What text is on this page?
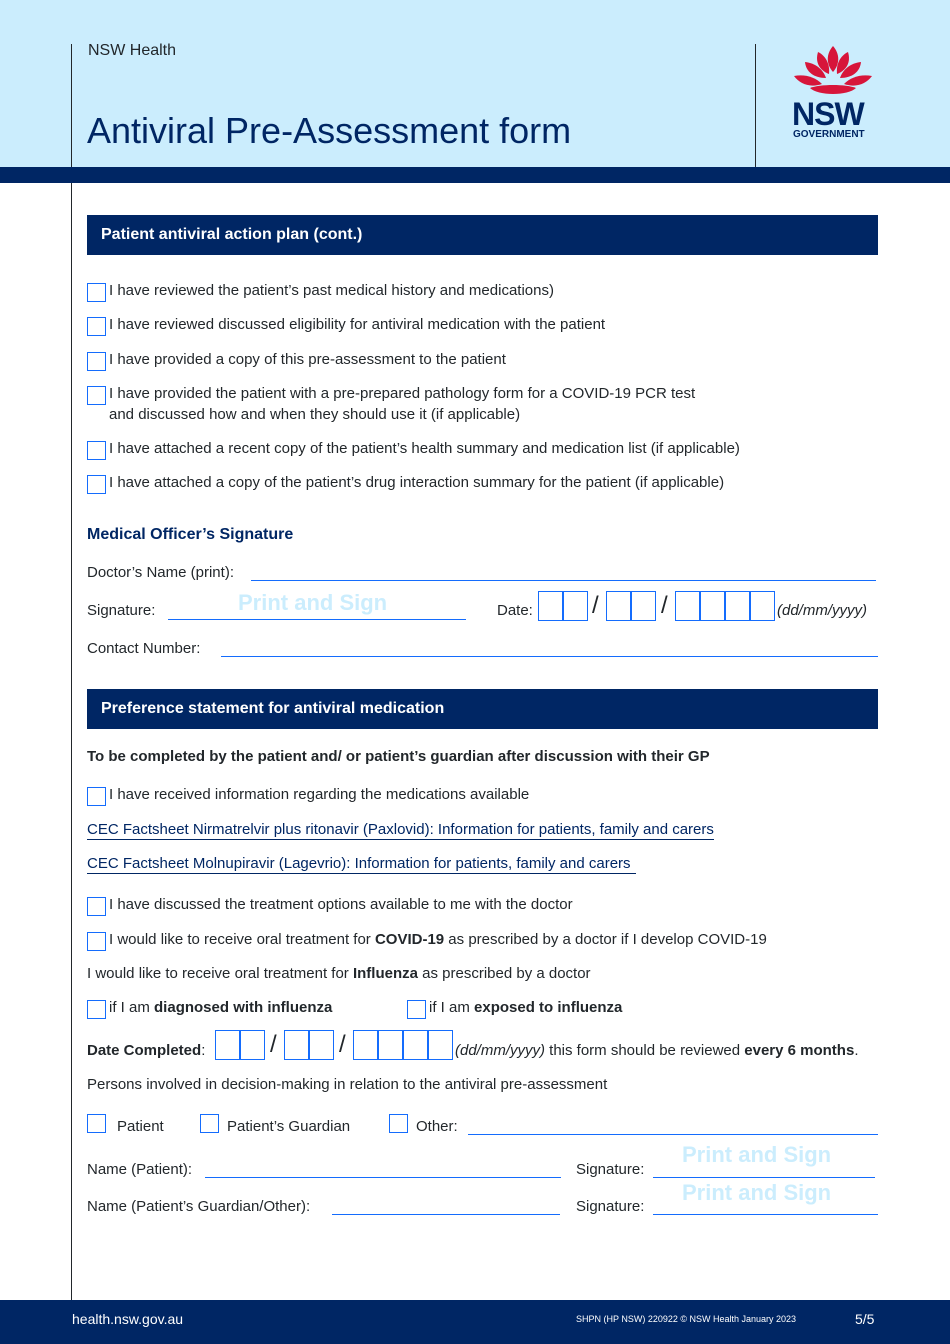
NSW Health
Antiviral Pre-Assessment form	NSW
GOVERNMENT
Patient antiviral action plan (cont.)
I have reviewed the patient’s past medical history and medications)
I have reviewed discussed eligibility for antiviral medication with the patient
I have provided a copy of this pre-assessment to the patient
I have provided the patient with a pre-prepared pathology form for a COVID-19 PCR test
and discussed how and when they should use it (if applicable)
I have attached a recent copy of the patient’s health summary and medication list (if applicable)
I have attached a copy of the patient’s drug interaction summary for the patient (if applicable)
Medical Officer’s Signature
Doctor’s Name (print):
Signature:	Print and Sign	Date: /	/	(dd/mm/yyyy)
Contact Number:
Preference statement for antiviral medication
To be completed by the patient and/ or patient’s guardian after discussion with their GP
I have received information regarding the medications available
CEC Factsheet Nirmatrelvir plus ritonavir (Paxlovid): Information for patients, family and carers
CEC Factsheet Molnupiravir (Lagevrio): Information for patients, family and carers
I have discussed the treatment options available to me with the doctor
I would like to receive oral treatment for COVID-19 as prescribed by a doctor if I develop COVID-19
I would like to receive oral treatment for Influenza as prescribed by a doctor
if I am diagnosed with influenza	if I am exposed to influenza
Date Completed:	/	/	(dd/mm/yyyy) this form should be reviewed every 6 months.
Persons involved in decision-making in relation to the antiviral pre-assessment
Patient	Patient’s Guardian	Other:
Name (Patient):	Signature:
Print and Sign
Name (Patient’s Guardian/Other):	Signature:
Print and Sign
health.nsw.gov.au	SHPN (HP NSW) 220922 © NSW Health January 2023	5/5
